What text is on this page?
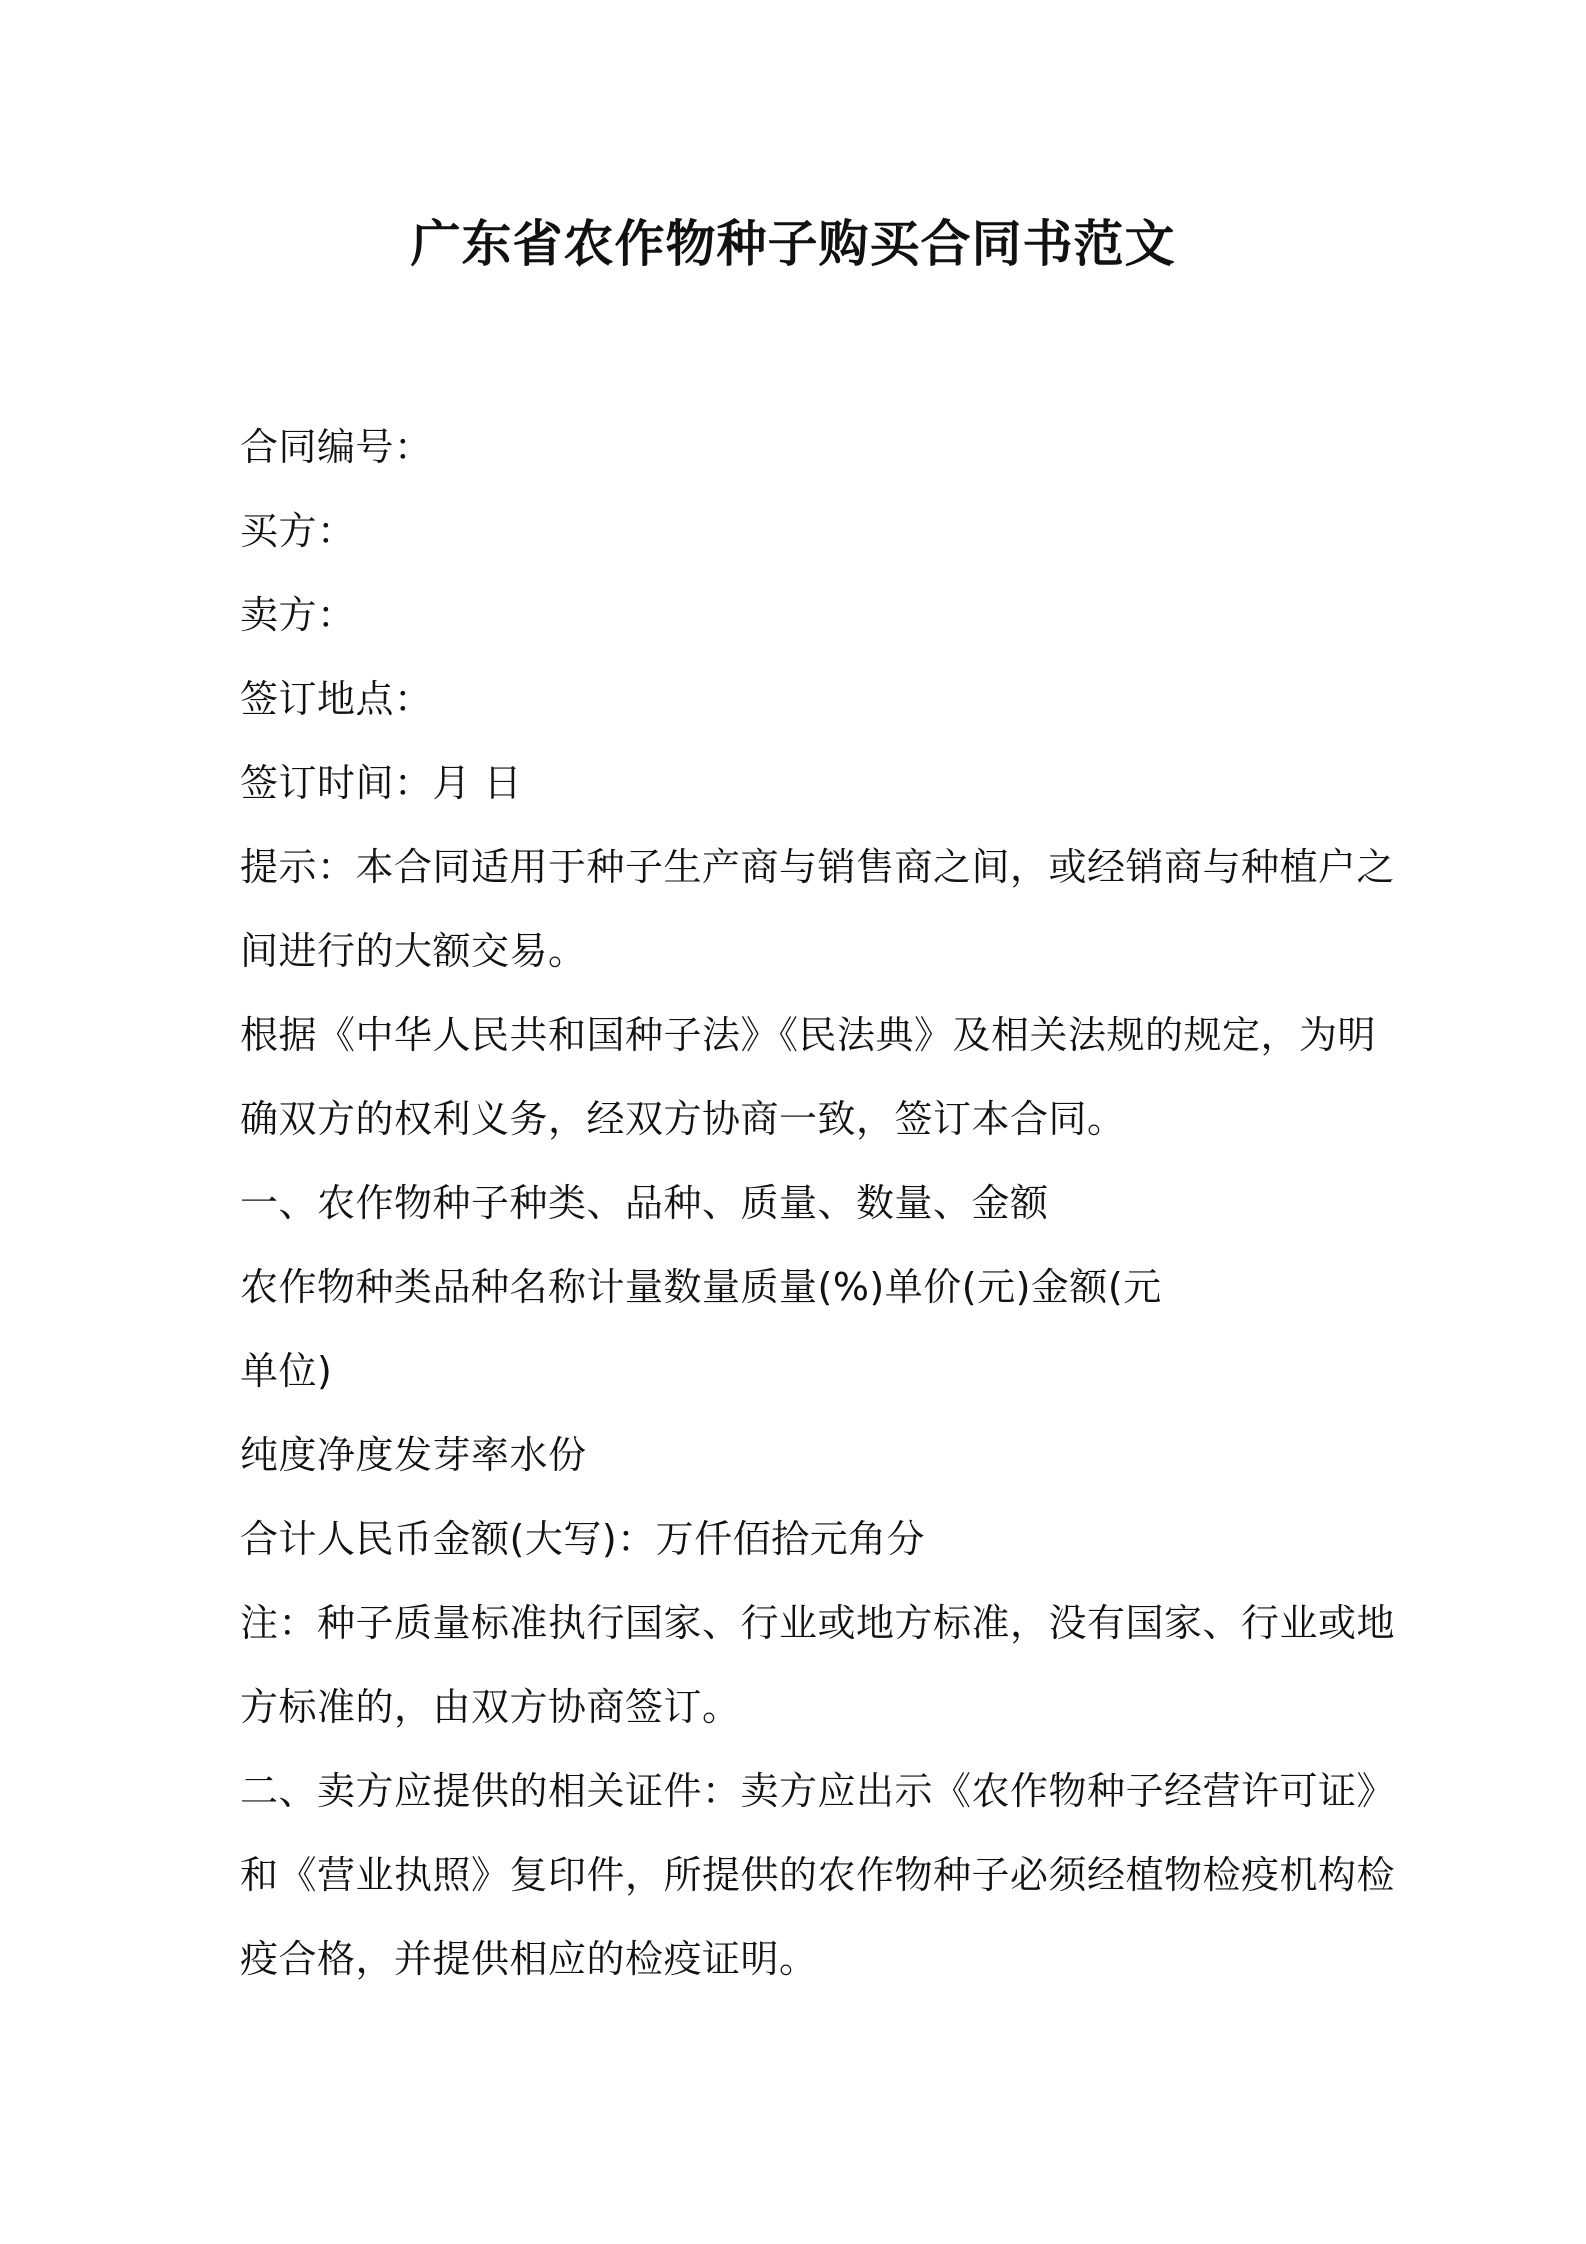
广东省农作物种子购买合同书范文
合同编号：
买方：
卖方：
签订地点：
签订时间：月 日
提示：本合同适用于种子生产商与销售商之间，或经销商与种植户之
间进行的大额交易。
根据《中华人民共和国种子法》《民法典》及相关法规的规定，为明
确双方的权利义务，经双方协商一致，签订本合同。
一、农作物种子种类、品种、质量、数量、金额
农作物种类品种名称计量数量质量(%)单价(元)金额(元
单位)
纯度净度发芽率水份
合计人民币金额(大写)：万仟佰拾元角分
注：种子质量标准执行国家、行业或地方标准，没有国家、行业或地
方标准的，由双方协商签订。
二、卖方应提供的相关证件：卖方应出示《农作物种子经营许可证》
和《营业执照》复印件，所提供的农作物种子必须经植物检疫机构检
疫合格，并提供相应的检疫证明。
